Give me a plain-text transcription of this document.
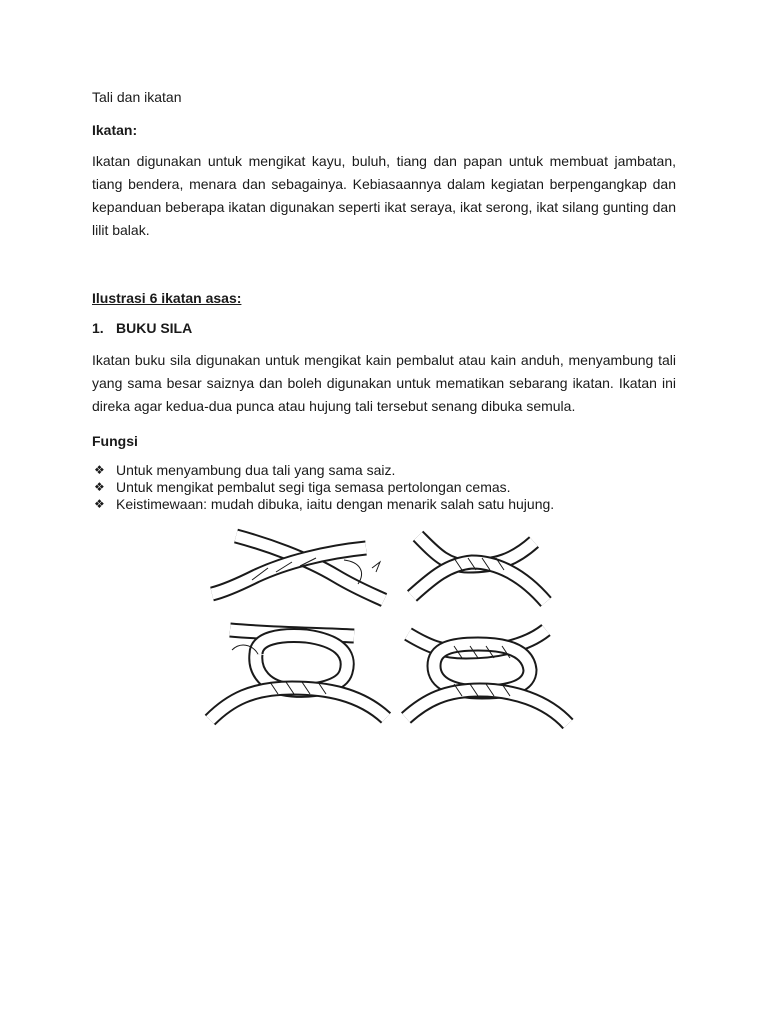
Tali dan ikatan

Ikatan:

Ikatan digunakan untuk mengikat kayu, buluh, tiang dan papan untuk membuat jambatan, tiang bendera, menara dan sebagainya. Kebiasaannya dalam kegiatan berpengangkap dan kepanduan beberapa ikatan digunakan seperti ikat seraya, ikat serong, ikat silang gunting dan lilit balak.

Ilustrasi 6 ikatan asas:

1. BUKU SILA

Ikatan buku sila digunakan untuk mengikat kain pembalut atau kain anduh, menyambung tali yang sama besar saiznya dan boleh digunakan untuk mematikan sebarang ikatan. Ikatan ini direka agar kedua-dua punca atau hujung tali tersebut senang dibuka semula.

Fungsi

❖ Untuk menyambung dua tali yang sama saiz.
❖ Untuk mengikat pembalut segi tiga semasa pertolongan cemas.
❖ Keistimewaan: mudah dibuka, iaitu dengan menarik salah satu hujung.
